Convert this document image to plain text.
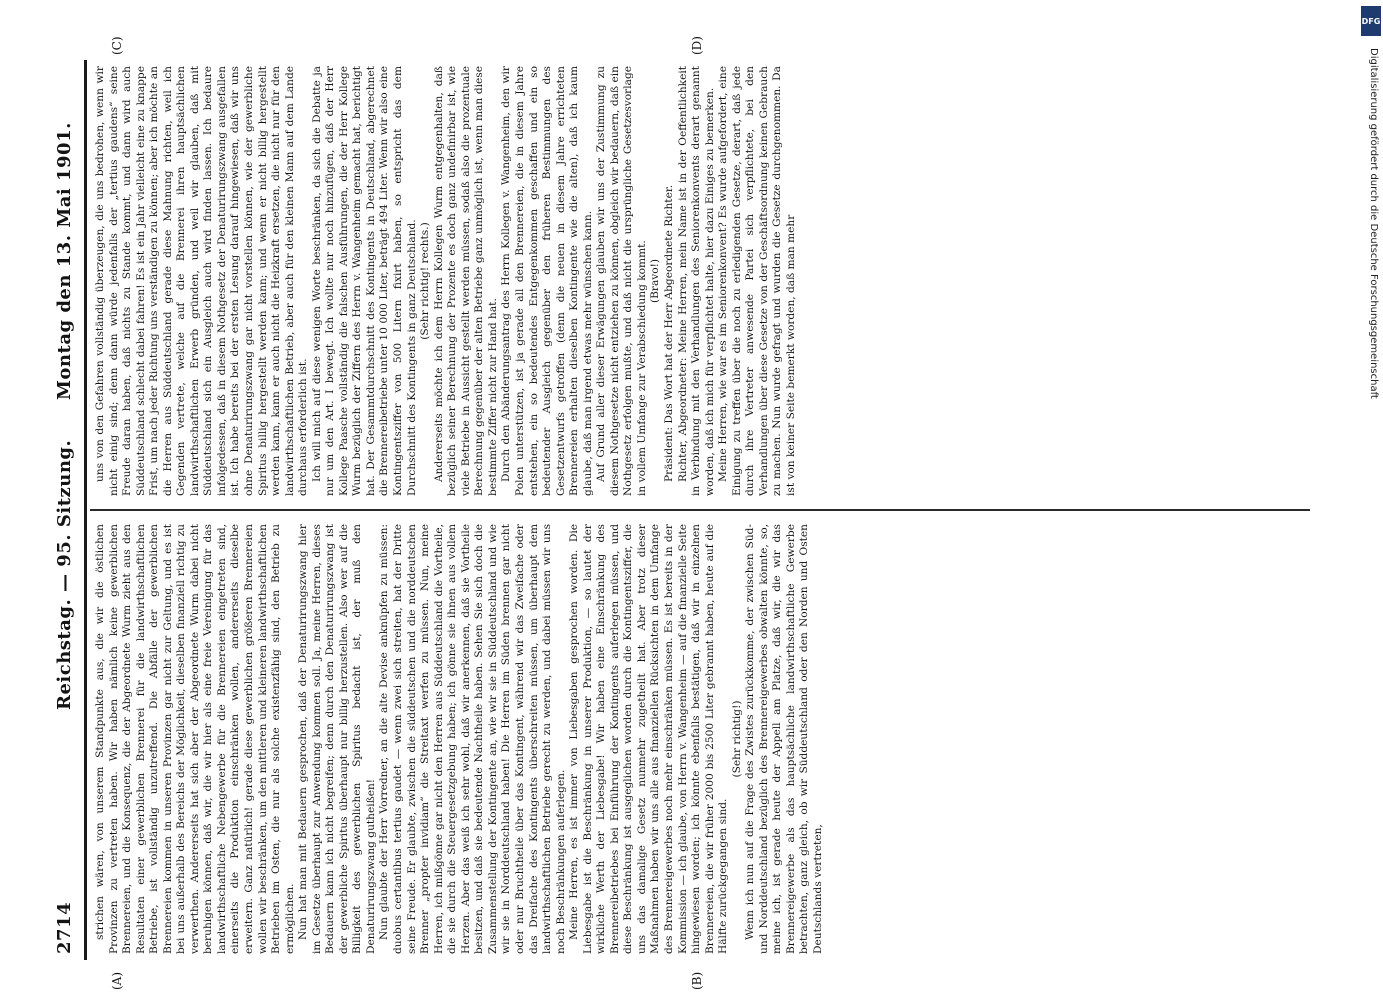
DFG
Digitalisierung gefördert durch die Deutsche Forschungsgemeinschaft
2714
Reichstag. — 95. Sitzung.
Montag den 13. Mai 1901.
(A)	(B)
(C)	(D)

strichen wären, von unserem Standpunkte aus, die wir die östlichen Provinzen zu vertreten haben. Wir haben nämlich keine gewerblichen Brennereien, und die Konsequenz, die der Abgeordnete Wurm zieht aus den Resultaten einer gewerblichen Brennerei für die landwirthschaftlichen Betriebe, ist vollständig unzutreffend. Die Abfälle der gewerblichen Brennereien kommen in unseren Provinzen gar nicht zur Geltung, und es ist bei uns außerhalb des Bereichs der Möglichkeit, dieselben finanziell richtig zu verwerthen. Andererseits hat sich aber der Abgeordnete Wurm dabei nicht beruhigen können, daß wir, die wir hier als eine freie Vereinigung für das landwirthschaftliche Nebengewerbe für die Brennereien eingetreten sind, einerseits die Produktion einschränken wollen, andererseits dieselbe erweitern. Ganz natürlich! gerade diese gewerblichen größeren Brennereien wollen wir beschränken, um den mittleren und kleineren landwirthschaftlichen Betrieben im Osten, die nur als solche existenzfähig sind, den Betrieb zu ermöglichen. Nun hat man mit Bedauern gesprochen, daß der Denaturirungszwang hier im Gesetze überhaupt zur Anwendung kommen soll. Ja, meine Herren, dieses Bedauern kann ich nicht begreifen; denn durch den Denaturirungszwang ist der gewerbliche Spiritus überhaupt nur billig herzustellen. Also wer auf die Billigkeit des gewerblichen Spiritus bedacht ist, der muß den Denaturirungszwang gutheißen! Nun glaubte der Herr Vorredner, an die alte Devise anknüpfen zu müssen: duobus certantibus tertius gaudet — wenn zwei sich streiten, hat der Dritte seine Freude. Er glaubte, zwischen die süddeutschen und die norddeutschen Brenner „propter invidiam“ die Streitaxt werfen zu müssen. Nun, meine Herren, ich mißgönne gar nicht den Herren aus Süddeutschland die Vortheile, die sie durch die Steuergesetzgebung haben; ich gönne sie ihnen aus vollem Herzen. Aber das weiß ich sehr wohl, daß wir anerkennen, daß sie Vortheile besitzen, und daß sie bedeutende Nachtheile haben. Sehen Sie sich doch die Zusammenstellung der Kontingente an, wie wir sie in Süddeutschland und wie wir sie in Norddeutschland haben! Die Herren im Süden brennen gar nicht oder nur Bruchtheile über das Kontingent, während wir das Zweifache oder das Dreifache des Kontingents überschreiten müssen, um überhaupt dem landwirthschaftlichen Betriebe gerecht zu werden, und dabei müssen wir uns noch Beschränkungen auferlegen. Meine Herren, es ist immer von Liebesgaben gesprochen worden. Die Liebesgabe ist die Beschränkung in unserer Produktion, — so lautet der wirkliche Werth der Liebesgabe! Wir haben eine Einschränkung des Brennereibetriebes bei Einführung der Kontingents auferlegen müssen, und diese Beschränkung ist ausgeglichen worden durch die Kontingentsziffer, die uns das damalige Gesetz nunmehr zugetheilt hat. Aber trotz dieser Maßnahmen haben wir uns alle aus finanziellen Rücksichten in dem Umfange des Brennereigewerbes noch mehr einschränken müssen. Es ist bereits in der Kommission — ich glaube, von Herrn v. Wangenheim — auf die finanzielle Seite hingewiesen worden; ich könnte ebenfalls bestätigen, daß wir in einzelnen Brennereien, die wir früher 2000 bis 2500 Liter gebrannt haben, heute auf die Hälfte zurückgegangen sind.

(Sehr richtig!) Wenn ich nun auf die Frage des Zwistes zurückkomme, der zwischen Süd- und Norddeutschland bezüglich des Brennereigewerbes obwalten könnte, so, meine ich, ist gerade heute der Appell am Platze, daß wir, die wir das Brennereigewerbe als das hauptsächliche landwirthschaftliche Gewerbe betrachten, ganz gleich, ob wir Süddeutschland oder den Norden und Osten Deutschlands vertreten,

uns von den Gefahren vollständig überzeugen, die uns bedrohen, wenn wir nicht einig sind; denn dann würde jedenfalls der „tertius gaudens“ seine Freude daran haben, daß nichts zu Stande kommt, und dann wird auch Süddeutschland schlecht dabei fahren! Es ist ein Jahr vielleicht eine zu knappe Frist, um nach jeder Richtung uns verständigen zu können; aber ich möchte an die Herren aus Süddeutschland gerade diese Mahnung richten, weil ich Gegenden vertrete, welche auf die Brennerei ihren hauptsächlichen landwirthschaftlichen Erwerb gründen, und weil wir glauben, daß mit Süddeutschland sich ein Ausgleich auch wird finden lassen. Ich bedaure infolgedessen, daß in diesem Nothgesetz der Denaturirungszwang ausgefallen ist. Ich habe bereits bei der ersten Lesung darauf hingewiesen, daß wir uns ohne Denaturirungszwang gar nicht vorstellen können, wie der gewerbliche Spiritus billig hergestellt werden kann; und wenn er nicht billig hergestellt werden kann, kann er auch nicht die Heizkraft ersetzen, die nicht nur für den landwirthschaftlichen Betrieb, aber auch für den kleinen Mann auf dem Lande durchaus erforderlich ist. Ich will mich auf diese wenigen Worte beschränken, da sich die Debatte ja nur um den Art. I bewegt. Ich wollte nur noch hinzufügen, daß der Herr Kollege Paasche vollständig die falschen Ausführungen, die der Herr Kollege Wurm bezüglich der Ziffern des Herrn v. Wangenheim gemacht hat, berichtigt hat. Der Gesammtdurchschnitt des Kontingents in Deutschland, abgerechnet die Brennereibetriebe unter 10 000 Liter, beträgt 494 Liter. Wenn wir also eine Kontingentsziffer von 500 Litern fixirt haben, so entspricht das dem Durchschnitt des Kontingents in ganz Deutschland. (Sehr richtig! rechts.) Andererseits möchte ich dem Herrn Kollegen Wurm entgegenhalten, daß bezüglich seiner Berechnung der Prozente es doch ganz undefinirbar ist, wie viele Betriebe in Aussicht gestellt werden müssen, sodaß also die prozentuale Berechnung gegenüber der alten Betriebe ganz unmöglich ist, wenn man diese bestimmte Ziffer nicht zur Hand hat. Durch den Abänderungsantrag des Herrn Kollegen v. Wangenheim, den wir Polen unterstützen, ist ja gerade all den Brennereien, die in diesem Jahre entstehen, ein so bedeutendes Entgegenkommen geschaffen und ein so bedeutender Ausgleich gegenüber den früheren Bestimmungen des Gesetzentwurfs getroffen (denn die neuen in diesem Jahre errichteten Brennereien erhalten dieselben Kontingente wie die alten), daß ich kaum glaube, daß man irgend etwas mehr wünschen kann. Auf Grund aller dieser Erwägungen glauben wir uns der Zustimmung zu diesem Nothgesetze nicht entziehen zu können, obgleich wir bedauern, daß ein Nothgesetz erfolgen mußte, und daß nicht die ursprüngliche Gesetzesvorlage in vollem Umfange zur Verabschiedung kommt. (Bravo!) Präsident: Das Wort hat der Herr Abgeordnete Richter. Richter, Abgeordneter: Meine Herren, mein Name ist in der Oeffentlichkeit in Verbindung mit den Verhandlungen des Seniorenkonvents derart genannt worden, daß ich mich für verpflichtet halte, hier dazu Einiges zu bemerken. Meine Herren, wie war es im Seniorenkonvent? Es wurde aufgefordert, eine Einigung zu treffen über die noch zu erledigenden Gesetze, derart, daß jede durch ihre Vertreter anwesende Partei sich verpflichtete, bei den Verhandlungen über diese Gesetze von der Geschäftsordnung keinen Gebrauch zu machen. Nun wurde gefragt und wurden die Gesetze durchgenommen. Da ist von keiner Seite bemerkt worden, daß man mehr
